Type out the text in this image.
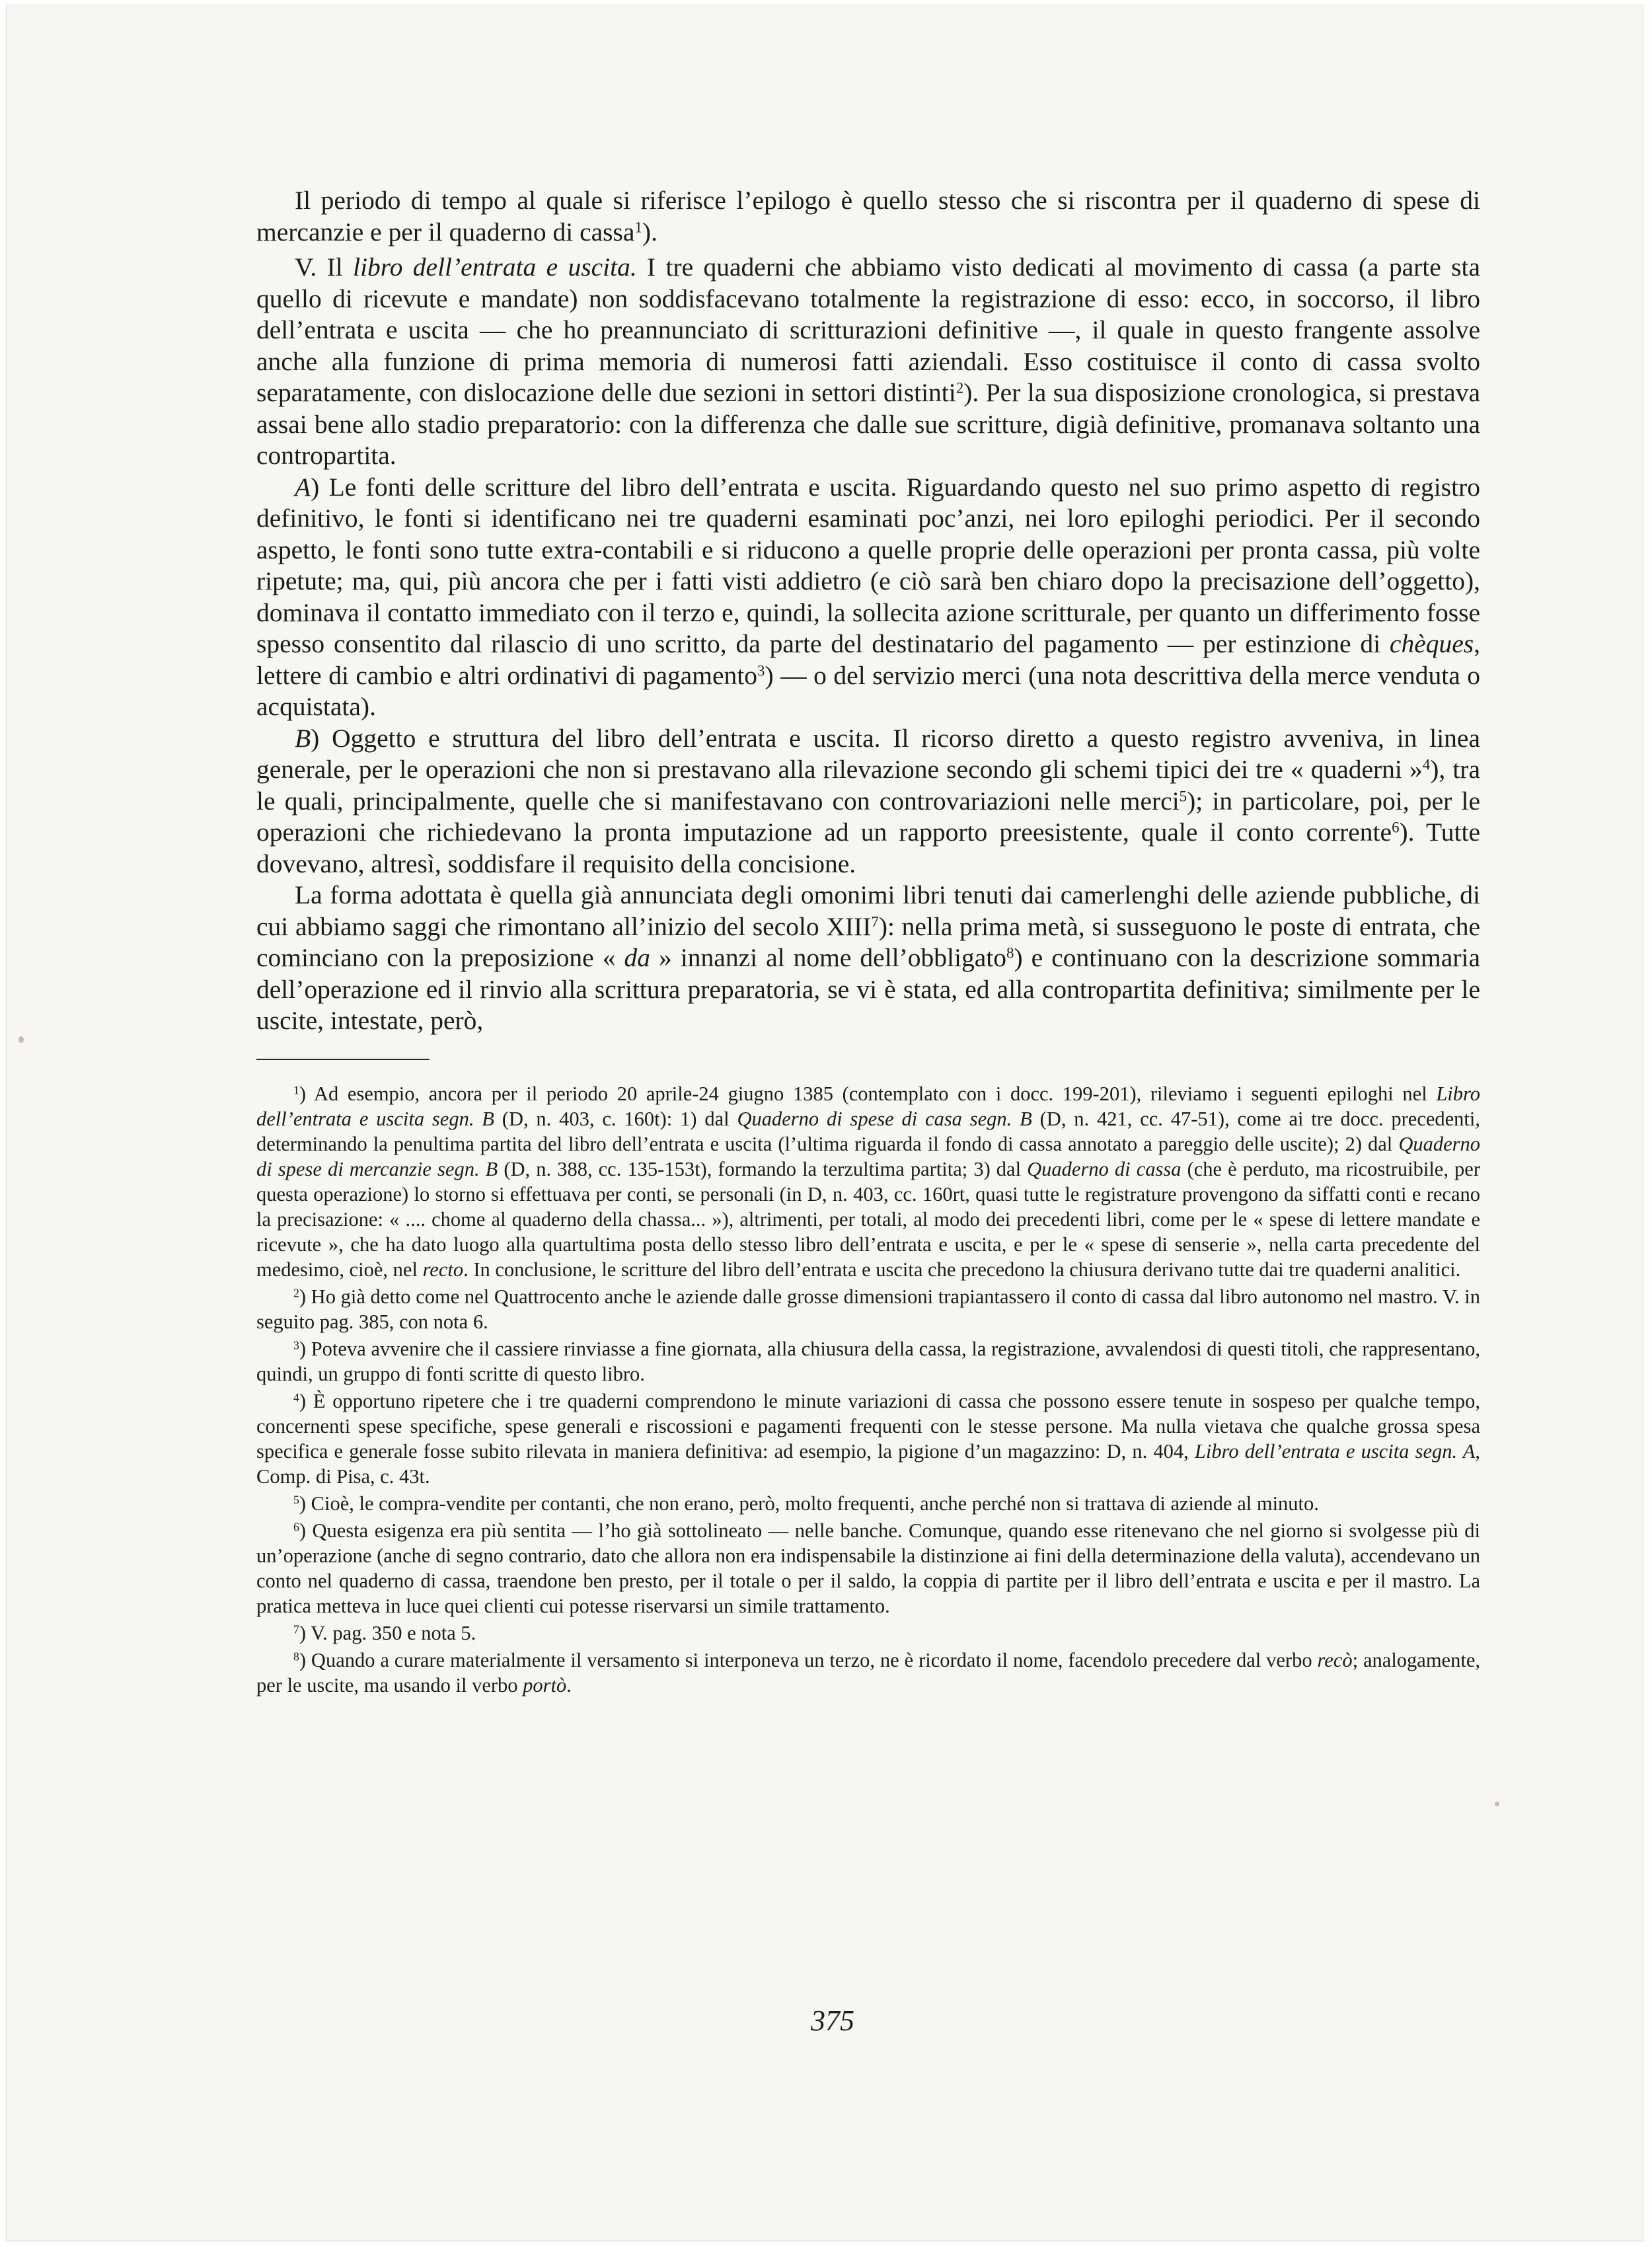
Il periodo di tempo al quale si riferisce l’epilogo è quello stesso che si riscontra per il quaderno di spese di mercanzie e per il quaderno di cassa$^1$).

V. Il libro dell’entrata e uscita. I tre quaderni che abbiamo visto dedicati al movimento di cassa (a parte sta quello di ricevute e mandate) non soddisfacevano totalmente la registrazione di esso: ecco, in soccorso, il libro dell’entrata e uscita — che ho preannunciato di scritturazioni definitive —, il quale in questo frangente assolve anche alla funzione di prima memoria di numerosi fatti aziendali. Esso costituisce il conto di cassa svolto separatamente, con dislocazione delle due sezioni in settori distinti$^2$). Per la sua disposizione cronologica, si prestava assai bene allo stadio preparatorio: con la differenza che dalle sue scritture, digià definitive, promanava soltanto una contropartita.

A) Le fonti delle scritture del libro dell’entrata e uscita. Riguardando questo nel suo primo aspetto di registro definitivo, le fonti si identificano nei tre quaderni esaminati poc’anzi, nei loro epiloghi periodici. Per il secondo aspetto, le fonti sono tutte extra-contabili e si riducono a quelle proprie delle operazioni per pronta cassa, più volte ripetute; ma, qui, più ancora che per i fatti visti addietro (e ciò sarà ben chiaro dopo la precisazione dell’oggetto), dominava il contatto immediato con il terzo e, quindi, la sollecita azione scritturale, per quanto un differimento fosse spesso consentito dal rilascio di uno scritto, da parte del destinatario del pagamento — per estinzione di chèques, lettere di cambio e altri ordinativi di pagamento$^3$) — o del servizio merci (una nota descrittiva della merce venduta o acquistata).

B) Oggetto e struttura del libro dell’entrata e uscita. Il ricorso diretto a questo registro avveniva, in linea generale, per le operazioni che non si prestavano alla rilevazione secondo gli schemi tipici dei tre « quaderni »$^4$), tra le quali, principalmente, quelle che si manifestavano con controvariazioni nelle merci$^5$); in particolare, poi, per le operazioni che richiedevano la pronta imputazione ad un rapporto preesistente, quale il conto corrente$^6$). Tutte dovevano, altresì, soddisfare il requisito della concisione.

La forma adottata è quella già annunciata degli omonimi libri tenuti dai camerlenghi delle aziende pubbliche, di cui abbiamo saggi che rimontano all’inizio del secolo XIII$^7$): nella prima metà, si susseguono le poste di entrata, che cominciano con la preposizione « da » innanzi al nome dell’obbligato$^8$) e continuano con la descrizione sommaria dell’operazione ed il rinvio alla scrittura preparatoria, se vi è stata, ed alla contropartita definitiva; similmente per le uscite, intestate, però,

$^1$) Ad esempio, ancora per il periodo 20 aprile-24 giugno 1385 (contemplato con i docc. 199-201), rileviamo i seguenti epiloghi nel Libro dell’entrata e uscita segn. B (D, n. 403, c. 160t): 1) dal Quaderno di spese di casa segn. B (D, n. 421, cc. 47-51), come ai tre docc. precedenti, determinando la penultima partita del libro dell’entrata e uscita (l’ultima riguarda il fondo di cassa annotato a pareggio delle uscite); 2) dal Quaderno di spese di mercanzie segn. B (D, n. 388, cc. 135-153t), formando la terzultima partita; 3) dal Quaderno di cassa (che è perduto, ma ricostruibile, per questa operazione) lo storno si effettuava per conti, se personali (in D, n. 403, cc. 160rt, quasi tutte le registrature provengono da siffatti conti e recano la precisazione: « .... chome al quaderno della chassa... »), altrimenti, per totali, al modo dei precedenti libri, come per le « spese di lettere mandate e ricevute », che ha dato luogo alla quartultima posta dello stesso libro dell’entrata e uscita, e per le « spese di senserie », nella carta precedente del medesimo, cioè, nel recto. In conclusione, le scritture del libro dell’entrata e uscita che precedono la chiusura derivano tutte dai tre quaderni analitici.

$^2$) Ho già detto come nel Quattrocento anche le aziende dalle grosse dimensioni trapiantassero il conto di cassa dal libro autonomo nel mastro. V. in seguito pag. 385, con nota 6.

$^3$) Poteva avvenire che il cassiere rinviasse a fine giornata, alla chiusura della cassa, la registrazione, avvalendosi di questi titoli, che rappresentano, quindi, un gruppo di fonti scritte di questo libro.

$^4$) È opportuno ripetere che i tre quaderni comprendono le minute variazioni di cassa che possono essere tenute in sospeso per qualche tempo, concernenti spese specifiche, spese generali e riscossioni e pagamenti frequenti con le stesse persone. Ma nulla vietava che qualche grossa spesa specifica e generale fosse subito rilevata in maniera definitiva: ad esempio, la pigione d’un magazzino: D, n. 404, Libro dell’entrata e uscita segn. A, Comp. di Pisa, c. 43t.

$^5$) Cioè, le compra-vendite per contanti, che non erano, però, molto frequenti, anche perché non si trattava di aziende al minuto.

$^6$) Questa esigenza era più sentita — l’ho già sottolineato — nelle banche. Comunque, quando esse ritenevano che nel giorno si svolgesse più di un’operazione (anche di segno contrario, dato che allora non era indispensabile la distinzione ai fini della determinazione della valuta), accendevano un conto nel quaderno di cassa, traendone ben presto, per il totale o per il saldo, la coppia di partite per il libro dell’entrata e uscita e per il mastro. La pratica metteva in luce quei clienti cui potesse riservarsi un simile trattamento.

$^7$) V. pag. 350 e nota 5.

$^8$) Quando a curare materialmente il versamento si interponeva un terzo, ne è ricordato il nome, facendolo precedere dal verbo recò; analogamente, per le uscite, ma usando il verbo portò.

375
